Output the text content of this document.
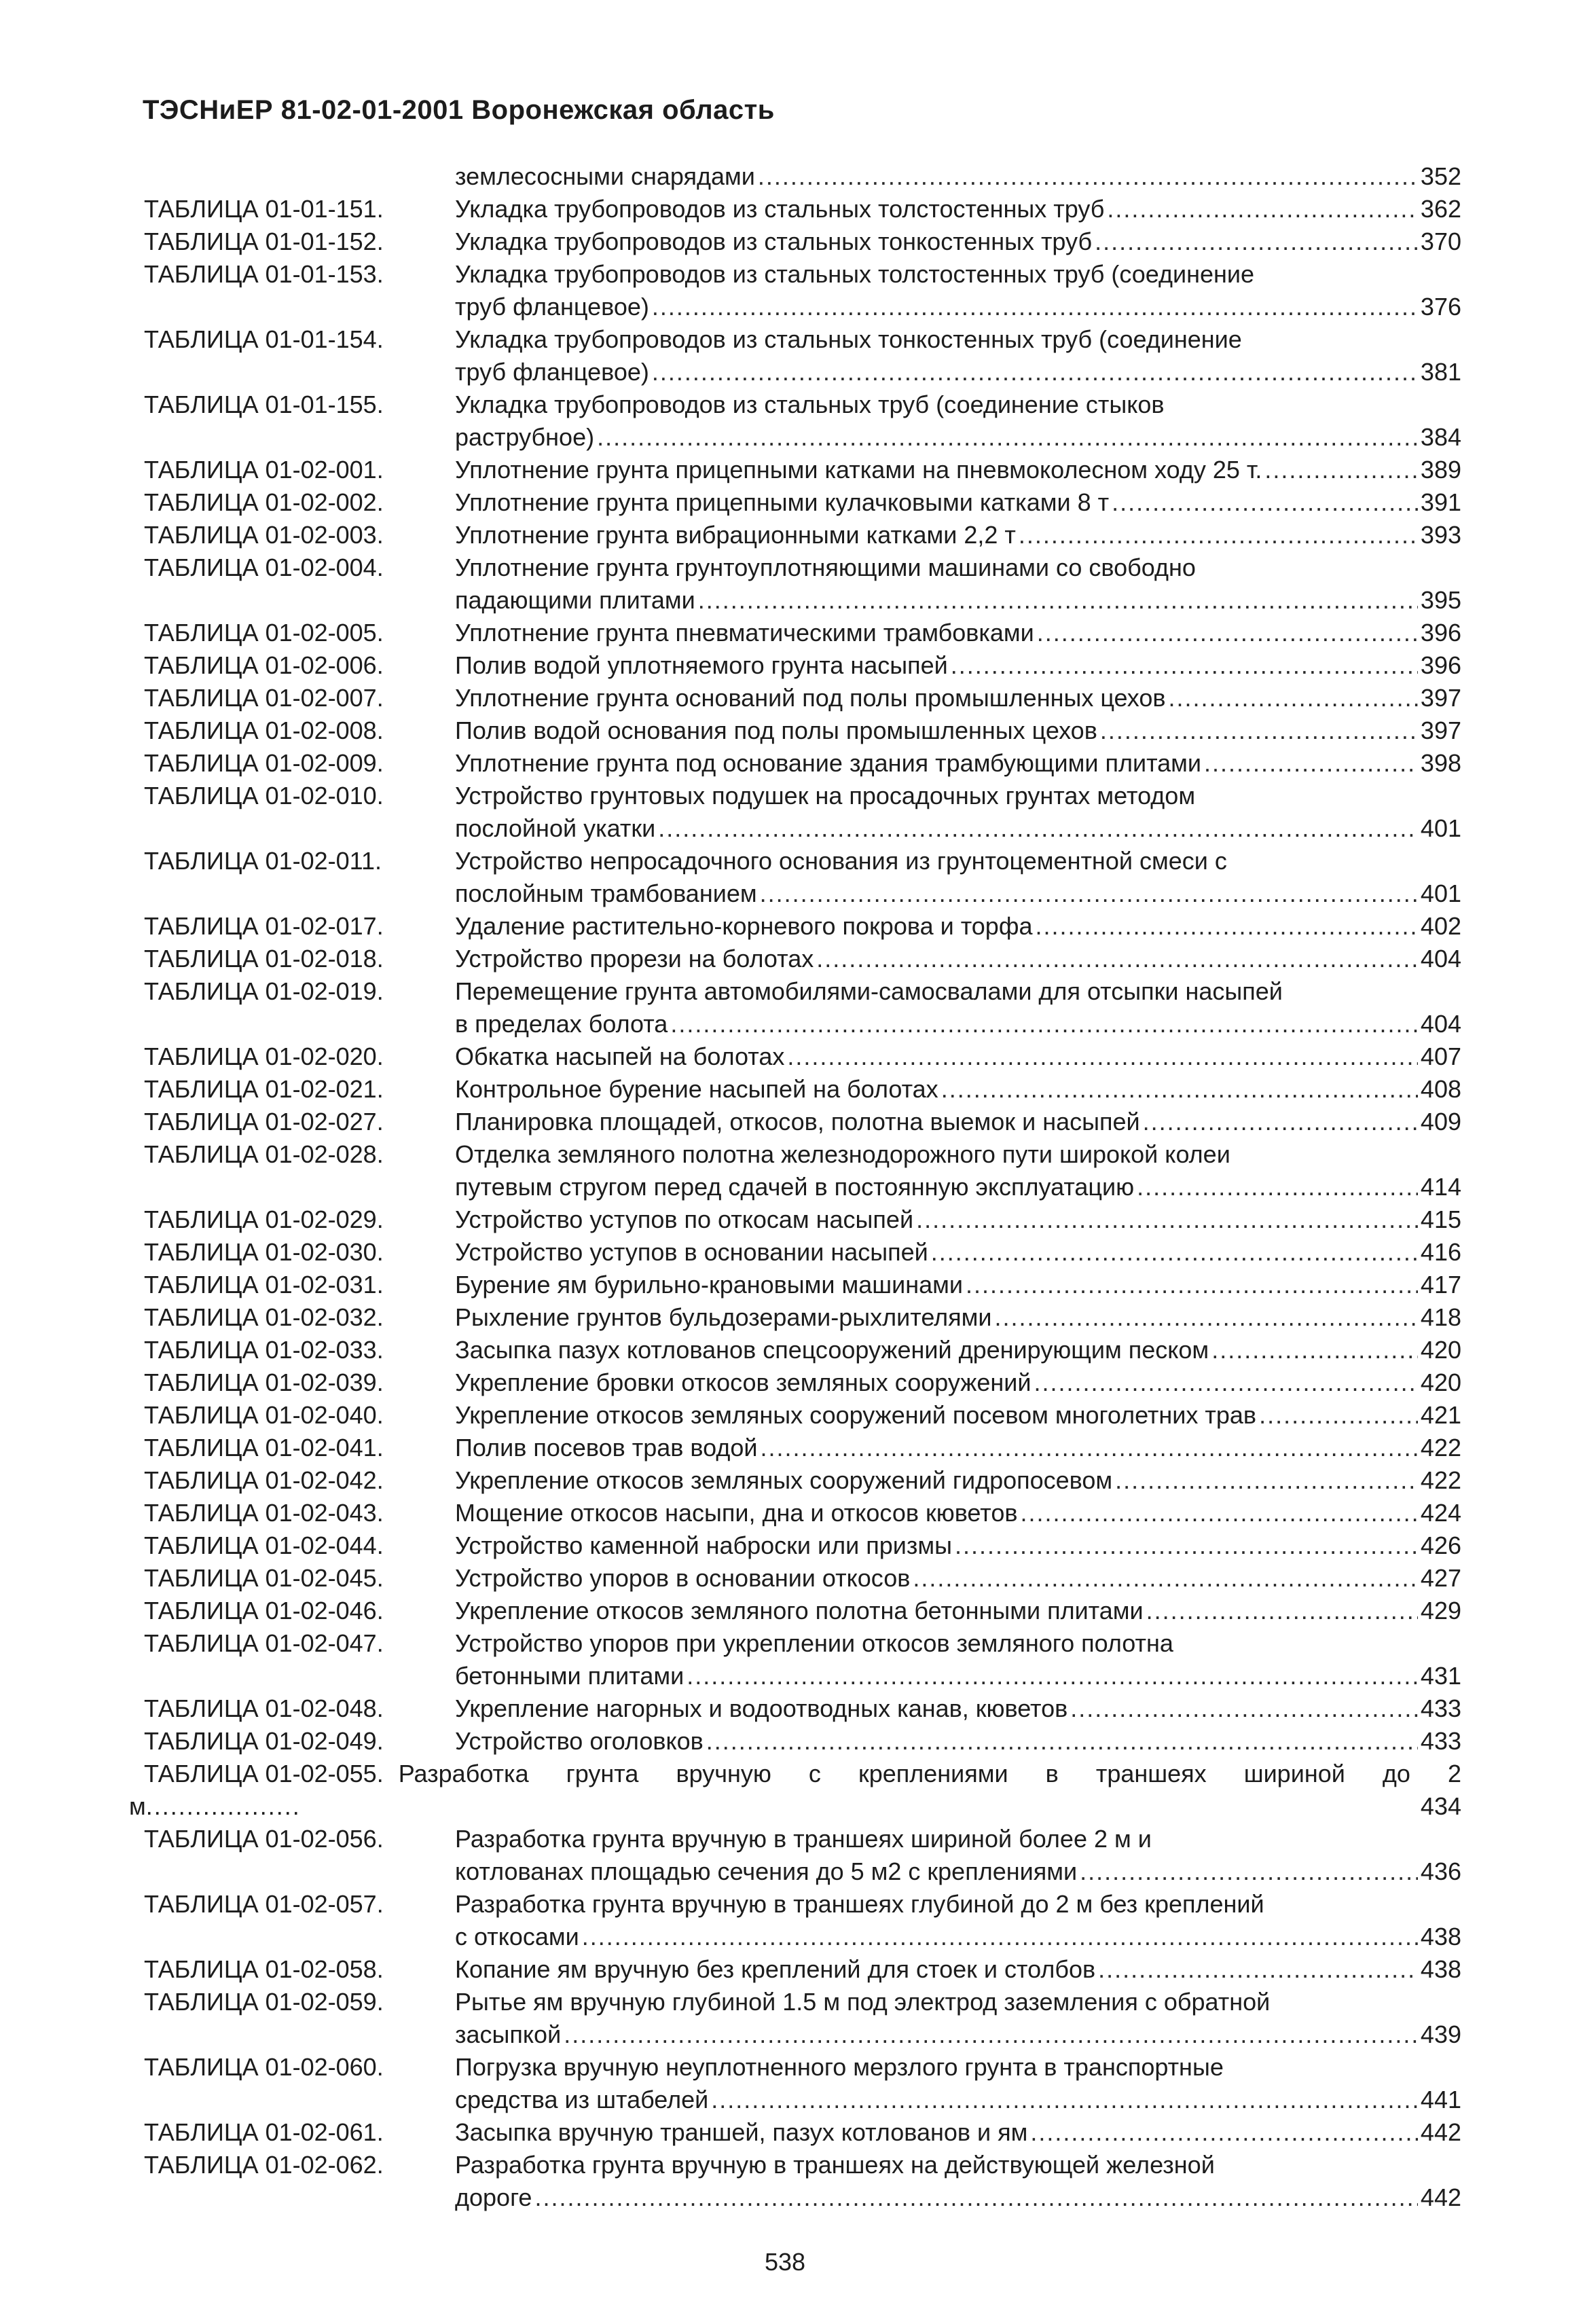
ТЭСНиЕР 81-02-01-2001 Воронежская область
землесосными снарядами .....	352
ТАБЛИЦА 01-01-151.	Укладка трубопроводов из стальных толстостенных труб .....	362
ТАБЛИЦА 01-01-152.	Укладка трубопроводов из стальных тонкостенных труб .....	370
ТАБЛИЦА 01-01-153.	Укладка трубопроводов из стальных толстостенных труб (соединение
труб фланцевое) .....	376
ТАБЛИЦА 01-01-154.	Укладка трубопроводов из стальных тонкостенных труб (соединение
труб фланцевое) .....	381
ТАБЛИЦА 01-01-155.	Укладка трубопроводов из стальных труб (соединение стыков
раструбное) .....	384
ТАБЛИЦА 01-02-001.	Уплотнение грунта прицепными катками на пневмоколесном ходу 25 т. .....	389
ТАБЛИЦА 01-02-002.	Уплотнение грунта прицепными кулачковыми катками 8 т .....	391
ТАБЛИЦА 01-02-003.	Уплотнение грунта вибрационными катками 2,2 т .....	393
ТАБЛИЦА 01-02-004.	Уплотнение грунта грунтоуплотняющими машинами со свободно
падающими плитами .....	395
ТАБЛИЦА 01-02-005.	Уплотнение грунта пневматическими трамбовками .....	396
ТАБЛИЦА 01-02-006.	Полив водой уплотняемого грунта насыпей .....	396
ТАБЛИЦА 01-02-007.	Уплотнение грунта оснований под полы промышленных цехов .....	397
ТАБЛИЦА 01-02-008.	Полив водой основания под полы промышленных цехов .....	397
ТАБЛИЦА 01-02-009.	Уплотнение грунта под основание здания трамбующими плитами .....	398
ТАБЛИЦА 01-02-010.	Устройство грунтовых подушек на просадочных грунтах методом
послойной укатки .....	401
ТАБЛИЦА 01-02-011.	Устройство непросадочного основания из грунтоцементной смеси с
послойным трамбованием .....	401
ТАБЛИЦА 01-02-017.	Удаление растительно-корневого покрова и торфа .....	402
ТАБЛИЦА 01-02-018.	Устройство прорези на болотах .....	404
ТАБЛИЦА 01-02-019.	Перемещение грунта автомобилями-самосвалами для отсыпки насыпей
в пределах болота .....	404
ТАБЛИЦА 01-02-020.	Обкатка насыпей на болотах .....	407
ТАБЛИЦА 01-02-021.	Контрольное бурение насыпей на болотах .....	408
ТАБЛИЦА 01-02-027.	Планировка площадей, откосов, полотна выемок и насыпей .....	409
ТАБЛИЦА 01-02-028.	Отделка земляного полотна железнодорожного пути широкой колеи
путевым стругом перед сдачей в постоянную эксплуатацию .....	414
ТАБЛИЦА 01-02-029.	Устройство уступов по откосам насыпей .....	415
ТАБЛИЦА 01-02-030.	Устройство уступов в основании насыпей .....	416
ТАБЛИЦА 01-02-031.	Бурение ям бурильно-крановыми машинами .....	417
ТАБЛИЦА 01-02-032.	Рыхление грунтов бульдозерами-рыхлителями .....	418
ТАБЛИЦА 01-02-033.	Засыпка пазух котлованов спецсооружений дренирующим песком .....	420
ТАБЛИЦА 01-02-039.	Укрепление бровки откосов земляных сооружений .....	420
ТАБЛИЦА 01-02-040.	Укрепление откосов земляных сооружений посевом многолетних трав .....	421
ТАБЛИЦА 01-02-041.	Полив посевов трав водой .....	422
ТАБЛИЦА 01-02-042.	Укрепление откосов земляных сооружений гидропосевом .....	422
ТАБЛИЦА 01-02-043.	Мощение откосов насыпи, дна и откосов кюветов .....	424
ТАБЛИЦА 01-02-044.	Устройство каменной наброски или призмы .....	426
ТАБЛИЦА 01-02-045.	Устройство упоров в основании откосов .....	427
ТАБЛИЦА 01-02-046.	Укрепление откосов земляного полотна бетонными плитами .....	429
ТАБЛИЦА 01-02-047.	Устройство упоров при укреплении откосов земляного полотна
бетонными плитами .....	431
ТАБЛИЦА 01-02-048.	Укрепление нагорных и водоотводных канав, кюветов .....	433
ТАБЛИЦА 01-02-049.	Устройство оголовков .....	433
ТАБЛИЦА 01-02-055. Разработка грунта вручную с креплениями в траншеях шириной до 2
м .....	434
ТАБЛИЦА 01-02-056.	Разработка грунта вручную в траншеях шириной более 2 м и
котлованах площадью сечения до 5 м2 с креплениями .....	436
ТАБЛИЦА 01-02-057.	Разработка грунта вручную в траншеях глубиной до 2 м без креплений
с откосами .....	438
ТАБЛИЦА 01-02-058.	Копание ям вручную без креплений для стоек и столбов .....	438
ТАБЛИЦА 01-02-059.	Рытье ям вручную глубиной 1.5 м под электрод заземления с обратной
засыпкой .....	439
ТАБЛИЦА 01-02-060.	Погрузка вручную неуплотненного мерзлого грунта в транспортные
средства из штабелей .....	441
ТАБЛИЦА 01-02-061.	Засыпка вручную траншей, пазух котлованов и ям .....	442
ТАБЛИЦА 01-02-062.	Разработка грунта вручную в траншеях на действующей железной
дороге .....	442
538
